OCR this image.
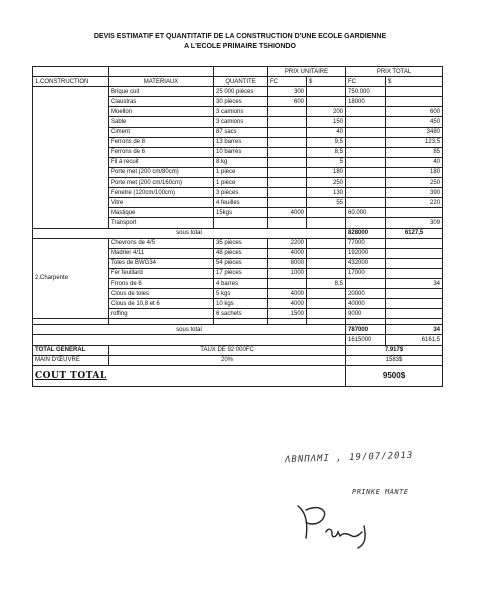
DEVIS ESTIMATIF ET QUANTITATIF DE LA CONSTRUCTION D'UNE ECOLE GARDIENNE
A L'ECOLE PRIMAIRE TSHIONDO
			PRIX UNITAIRE		PRIX TOTAL	
1.CONSTRUCTION	MATERIAUX	QUANTITE	FC	$	FC	$
	Brique cuit	25 000 pièces	300		750.000	
	Claustras	30 pièces	600		18000	
	Moellon	3 camions		200		600
	Sable	3 camions		150		450
	Ciment	87 sacs		40		3480
	Ferrons de 8	13 barres		9,5		123,5
	Ferrons de 6	10 barres		8,5		85
	Fil à recuit	8 kg		5		40
	Porte met (200 cm/80cm)	1 pièce		180		180
	Porte met (200 cm/160cm)	1 pièce		250		250
	Fenetre (120cm/100cm)	3 pièces		130		390
	Vitre	4 feuilles		55		220
	Mastique	15kgs	4000		60.000	
	Transport					309
sous total					828000	6127,5
2.Charpente	Chevrons de 4/5	35 pièces	2200		77000	
	Madrier 4/11	48 pièces	4000		192000	
	Toles de BWG34	54 pièces	8000		432000	
	Fer feuillard	17 pièces	1000		17000	
	Frrons de 6	4 barres		8,5		34
	Clous de toles	5 kgs	4000		20000	
	Clous de 10,8 et 6	10 kgs	4000		40000	
	roffing	6 sachets	1500		9000	

sous total					787000	34
					1615000	6161,5
TOTAL GENERAL	TAUX DE 92 000FC				7.917$	
MAIN D'ŒUVRE	20%				1583$	
COUT TOTAL					9500$	
ΛΒΝΠΛΜΙ , 19/07/2013
PRINKE MANTE
